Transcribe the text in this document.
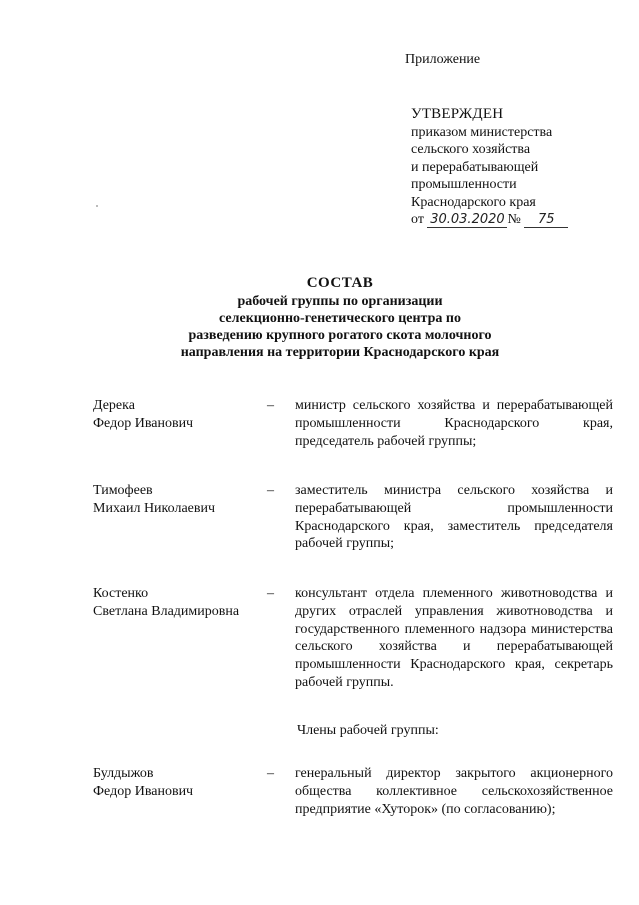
Приложение
УТВЕРЖДЕН
приказом министерства
сельского хозяйства
и перерабатывающей
промышленности
Краснодарского края
от 30.03.2020 № 75
СОСТАВ
рабочей группы по организации
селекционно-генетического центра по
разведению крупного рогатого скота молочного
направления на территории Краснодарского края
Дерека
Федор Иванович
– министр сельского хозяйства и перерабатывающей промышленности Краснодарского края, председатель рабочей группы;
Тимофеев
Михаил Николаевич
– заместитель министра сельского хозяйства и перерабатывающей промышленности Краснодарского края, заместитель председателя рабочей группы;
Костенко
Светлана Владимировна
– консультант отдела племенного животноводства и других отраслей управления животноводства и государственного племенного надзора министерства сельского хозяйства и перерабатывающей промышленности Краснодарского края, секретарь рабочей группы.
Члены рабочей группы:
Булдыжов
Федор Иванович
– генеральный директор закрытого акционерного общества коллективное сельскохозяйственное предприятие «Хуторок» (по согласованию);
